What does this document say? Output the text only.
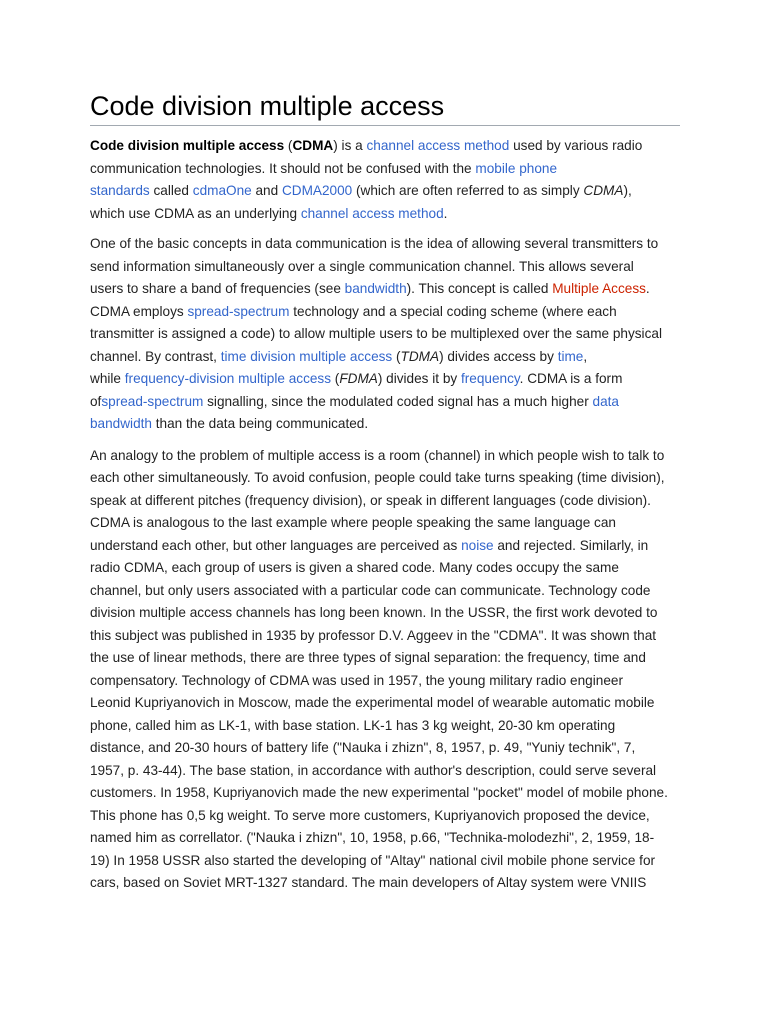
Code division multiple access

Code division multiple access (CDMA) is a channel access method used by various radio
communication technologies. It should not be confused with the mobile phone
standards called cdmaOne and CDMA2000 (which are often referred to as simply CDMA),
which use CDMA as an underlying channel access method.

One of the basic concepts in data communication is the idea of allowing several transmitters to
send information simultaneously over a single communication channel. This allows several
users to share a band of frequencies (see bandwidth). This concept is called Multiple Access.
CDMA employs spread-spectrum technology and a special coding scheme (where each
transmitter is assigned a code) to allow multiple users to be multiplexed over the same physical
channel. By contrast, time division multiple access (TDMA) divides access by time,
while frequency-division multiple access (FDMA) divides it by frequency. CDMA is a form
ofspread-spectrum signalling, since the modulated coded signal has a much higher data
bandwidth than the data being communicated.

An analogy to the problem of multiple access is a room (channel) in which people wish to talk to
each other simultaneously. To avoid confusion, people could take turns speaking (time division),
speak at different pitches (frequency division), or speak in different languages (code division).
CDMA is analogous to the last example where people speaking the same language can
understand each other, but other languages are perceived as noise and rejected. Similarly, in
radio CDMA, each group of users is given a shared code. Many codes occupy the same
channel, but only users associated with a particular code can communicate. Technology code
division multiple access channels has long been known. In the USSR, the first work devoted to
this subject was published in 1935 by professor D.V. Aggeev in the "CDMA". It was shown that
the use of linear methods, there are three types of signal separation: the frequency, time and
compensatory. Technology of CDMA was used in 1957, the young military radio engineer
Leonid Kupriyanovich in Moscow, made the experimental model of wearable automatic mobile
phone, called him as LK-1, with base station. LK-1 has 3 kg weight, 20-30 km operating
distance, and 20-30 hours of battery life ("Nauka i zhizn", 8, 1957, p. 49, "Yuniy technik", 7,
1957, p. 43-44). The base station, in accordance with author's description, could serve several
customers. In 1958, Kupriyanovich made the new experimental "pocket" model of mobile phone.
This phone has 0,5 kg weight. To serve more customers, Kupriyanovich proposed the device,
named him as correllator. ("Nauka i zhizn", 10, 1958, p.66, "Technika-molodezhi", 2, 1959, 18-
19) In 1958 USSR also started the developing of "Altay" national civil mobile phone service for
cars, based on Soviet MRT-1327 standard. The main developers of Altay system were VNIIS
